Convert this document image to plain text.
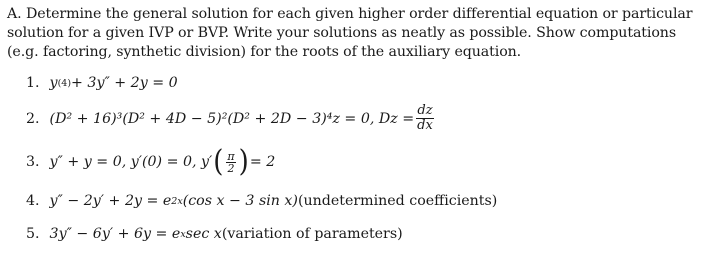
A. Determine the general solution for each given higher order differential equation or particular solution for a given IVP or BVP. Write your solutions as neatly as possible. Show computations (e.g. factoring, synthetic division) for the roots of the auxiliary equation.
1. y (4) + 3y″ + 2y = 0
2. (D² + 16)³(D² + 4D − 5)²(D² + 2D − 3)⁴z = 0, $Dz = \frac{dz}{dx}$
3. y″ + y = 0, y′(0) = 0, y′ ( $\frac{\pi}{2}$ ) = 2
4. y″ − 2y′ + 2y = e 2x (cos x − 3 sin x) (undetermined coefficients)
5. 3y″ − 6y′ + 6y = e x sec x (variation of parameters)
